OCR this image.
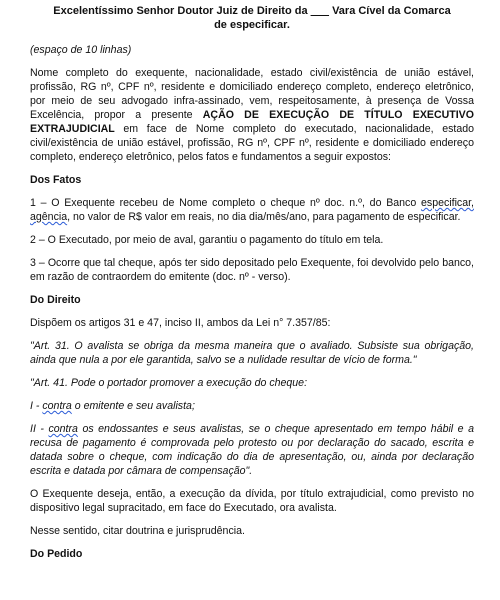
Excelentíssimo Senhor Doutor Juiz de Direito da ___ Vara Cível da Comarca
de especificar.

(espaço de 10 linhas)

Nome completo do exequente, nacionalidade, estado civil/existência de união estável, profissão, RG nº, CPF nº, residente e domiciliado endereço completo, endereço eletrônico, por meio de seu advogado infra-assinado, vem, respeitosamente, à presença de Vossa Excelência, propor a presente AÇÃO DE EXECUÇÃO DE TÍTULO EXECUTIVO EXTRAJUDICIAL em face de Nome completo do executado, nacionalidade, estado civil/existência de união estável, profissão, RG nº, CPF nº, residente e domiciliado endereço completo, endereço eletrônico, pelos fatos e fundamentos a seguir expostos:

Dos Fatos

1 – O Exequente recebeu de Nome completo o cheque nº doc. n.º, do Banco especificar, agência, no valor de R$ valor em reais, no dia dia/mês/ano, para pagamento de especificar.

2 – O Executado, por meio de aval, garantiu o pagamento do título em tela.

3 – Ocorre que tal cheque, após ter sido depositado pelo Exequente, foi devolvido pelo banco, em razão de contraordem do emitente (doc. nº - verso).

Do Direito

Dispõem os artigos 31 e 47, inciso II, ambos da Lei n° 7.357/85:

"Art. 31. O avalista se obriga da mesma maneira que o avaliado. Subsiste sua obrigação, ainda que nula a por ele garantida, salvo se a nulidade resultar de vício de forma."

"Art. 41. Pode o portador promover a execução do cheque:

I - contra o emitente e seu avalista;

II - contra os endossantes e seus avalistas, se o cheque apresentado em tempo hábil e a recusa de pagamento é comprovada pelo protesto ou por declaração do sacado, escrita e datada sobre o cheque, com indicação do dia de apresentação, ou, ainda por declaração escrita e datada por câmara de compensação".

O Exequente deseja, então, a execução da dívida, por título extrajudicial, como previsto no dispositivo legal supracitado, em face do Executado, ora avalista.

Nesse sentido, citar doutrina e jurisprudência.

Do Pedido
